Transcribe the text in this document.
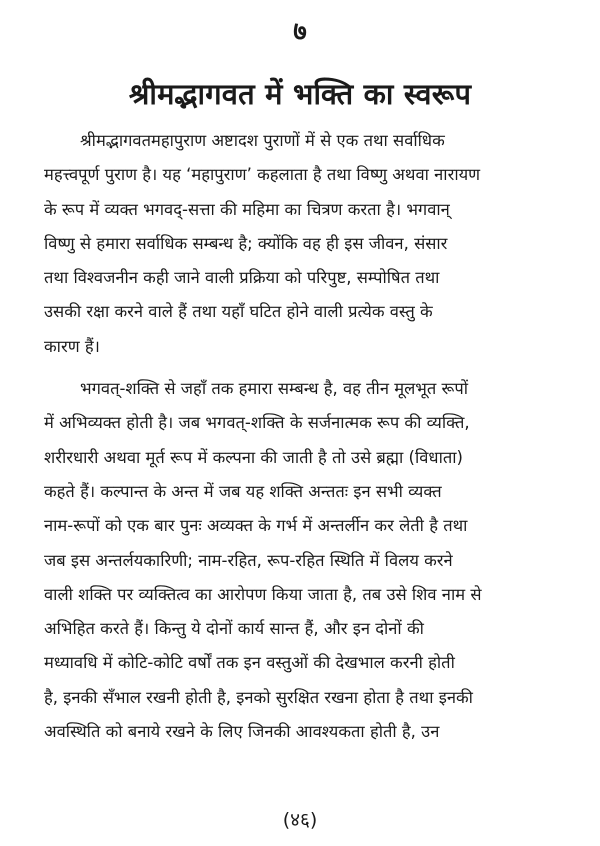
७
श्रीमद्भागवत में भक्ति का स्वरूप
श्रीमद्भागवतमहापुराण अष्टादश पुराणों में से एक तथा सर्वाधिक
महत्त्वपूर्ण पुराण है। यह ‘महापुराण’ कहलाता है तथा विष्णु अथवा नारायण
के रूप में व्यक्त भगवद्-सत्ता की महिमा का चित्रण करता है। भगवान्
विष्णु से हमारा सर्वाधिक सम्बन्ध है; क्योंकि वह ही इस जीवन, संसार
तथा विश्वजनीन कही जाने वाली प्रक्रिया को परिपुष्ट, सम्पोषित तथा
उसकी रक्षा करने वाले हैं तथा यहाँ घटित होने वाली प्रत्येक वस्तु के
कारण हैं।
भगवत्-शक्ति से जहाँ तक हमारा सम्बन्ध है, वह तीन मूलभूत रूपों
में अभिव्यक्त होती है। जब भगवत्-शक्ति के सर्जनात्मक रूप की व्यक्ति,
शरीरधारी अथवा मूर्त रूप में कल्पना की जाती है तो उसे ब्रह्मा (विधाता)
कहते हैं। कल्पान्त के अन्त में जब यह शक्ति अन्ततः इन सभी व्यक्त
नाम-रूपों को एक बार पुनः अव्यक्त के गर्भ में अन्तर्लीन कर लेती है तथा
जब इस अन्तर्लयकारिणी; नाम-रहित, रूप-रहित स्थिति में विलय करने
वाली शक्ति पर व्यक्तित्व का आरोपण किया जाता है, तब उसे शिव नाम से
अभिहित करते हैं। किन्तु ये दोनों कार्य सान्त हैं, और इन दोनों की
मध्यावधि में कोटि-कोटि वर्षों तक इन वस्तुओं की देखभाल करनी होती
है, इनकी सँभाल रखनी होती है, इनको सुरक्षित रखना होता है तथा इनकी
अवस्थिति को बनाये रखने के लिए जिनकी आवश्यकता होती है, उन
(४६)
